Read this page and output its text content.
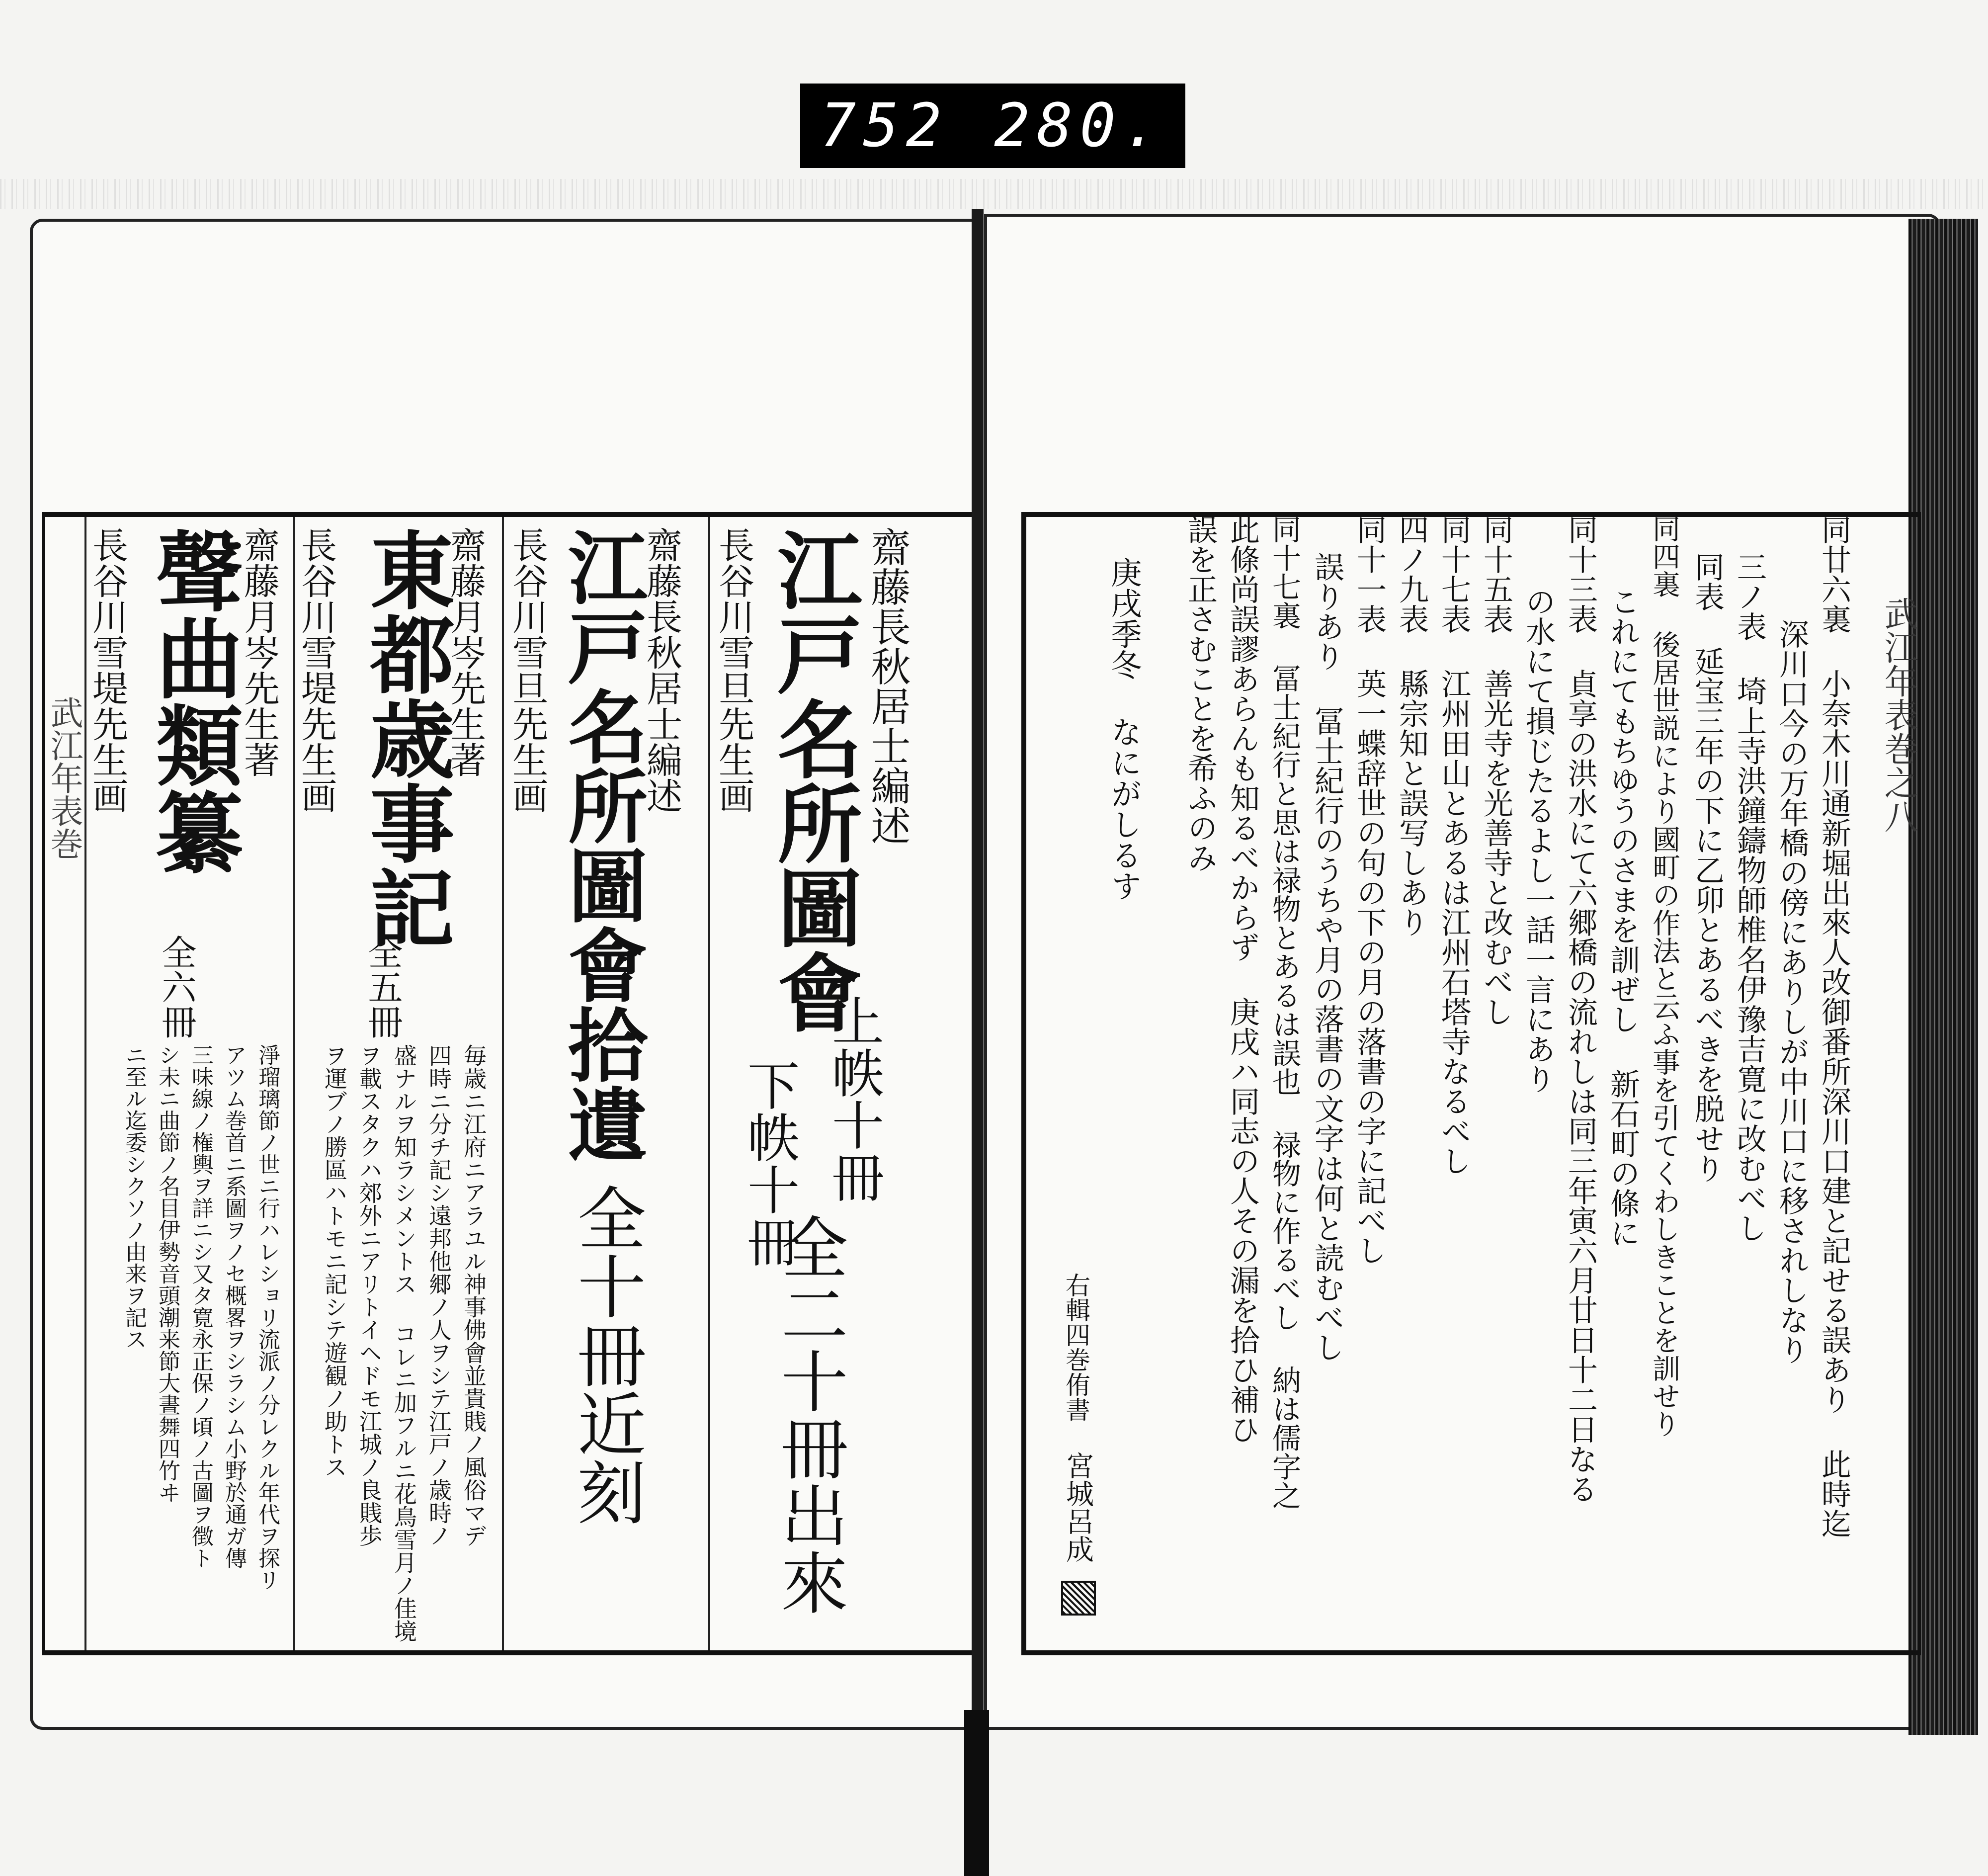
752 280.
武江年表巻	齋藤長秋居士編述
長谷川雪旦先生画 江戸名所圖會
上帙十冊
下帙十冊
全二十冊出來
齋藤長秋居士編述
長谷川雪旦先生画 江戸名所圖會拾遺
全十冊近刻
齋藤月岑先生著
長谷川雪堤先生画 東都歳事記
全五冊
毎歳ニ江府ニアラユル神事佛會並貴賎ノ風俗マデ
四時ニ分チ記シ遠邦他郷ノ人ヲシテ江戸ノ歳時ノ
盛ナルヲ知ラシメントス コレニ加フルニ花鳥雪月ノ佳境
ヲ載スタクハ郊外ニアリトイヘドモ江城ノ良賎歩
ヲ運ブノ勝區ハトモニ記シテ遊観ノ助トス
齋藤月岑先生著
長谷川雪堤先生画 聲曲類纂
全六冊
淨瑠璃節ノ世ニ行ハレショリ流派ノ分レクル年代ヲ探リ
アツム巻首ニ系圖ヲノセ概畧ヲシラシム小野於通ガ傳
三味線ノ権輿ヲ詳ニシ又タ寛永正保ノ頃ノ古圖ヲ徴ト
シ未ニ曲節ノ名目伊勢音頭潮来節大晝舞四竹ヰ
ニ至ル迄委シクソノ由来ヲ記ス
武江年表巻之八
同廿六裏 小奈木川通新堀出來人改御番所深川口建と記せる誤あり 此時迄
深川口今の万年橋の傍にありしが中川口に移されしなり
三ノ表 埼上寺洪鐘鑄物師椎名伊豫吉寛に改むべし
同表 延宝三年の下に乙卯とあるべきを脱せり
同四裏 後居世説により國町の作法と云ふ事を引てくわしきことを訓せり
これにてもちゆうのさまを訓ぜし 新石町の條に
同十三表 貞享の洪水にて六郷橋の流れしは同三年寅六月廿日十二日なる
の水にて損じたるよし一話一言にあり
同十五表 善光寺を光善寺と改むべし
同十七表 江州田山とあるは江州石塔寺なるべし
四ノ九表 縣宗知と誤写しあり
同十一表 英一蝶辞世の句の下の月の落書の字に記べし
誤りあり 冨士紀行のうちや月の落書の文字は何と読むべし
同十七裏 冨士紀行と思は禄物とあるは誤也 禄物に作るべし 納は儒字之
此條尚誤謬あらんも知るべからず 庚戌ハ同志の人その漏を拾ひ補ひ
誤を正さむことを希ふのみ
庚戌季冬 なにがしるす
右輯四巻侑書
宮城呂成
